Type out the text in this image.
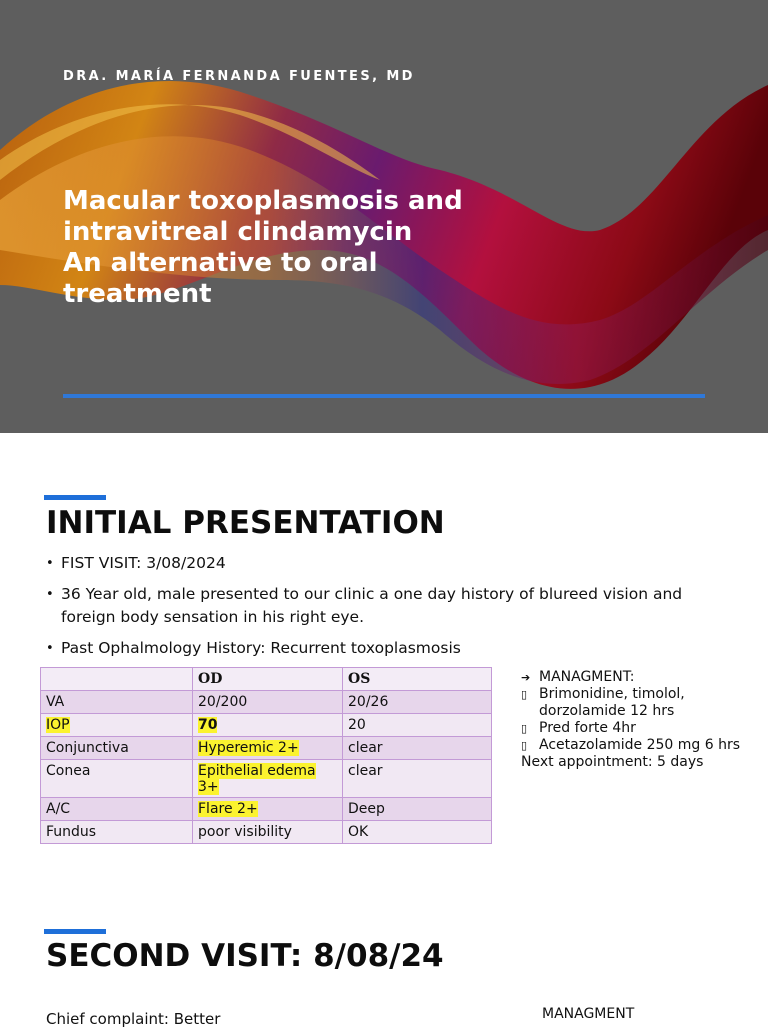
DRA. MARÍA FERNANDA FUENTES, MD
Macular toxoplasmosis and
intravitreal clindamycin
An alternative to oral
treatment
INITIAL PRESENTATION
• FIST VISIT: 3/08/2024
• 36 Year old, male presented to our clinic a one day history of blureed vision and foreign body sensation in his right eye.
• Past Ophalmology History: Recurrent toxoplasmosis
	OD	OS
VA	20/200	20/26
IOP	70	20
Conjunctiva	Hyperemic 2+	clear
Conea	Epithelial edema 3+	clear
A/C	Flare 2+	Deep
Fundus	poor visibility	OK
➔ MANAGMENT:
▯ Brimonidine, timolol, dorzolamide 12 hrs
▯ Pred forte 4hr
▯ Acetazolamide 250 mg 6 hrs
Next appointment: 5 days
SECOND VISIT: 8/08/24
Chief complaint: Better	MANAGMENT
